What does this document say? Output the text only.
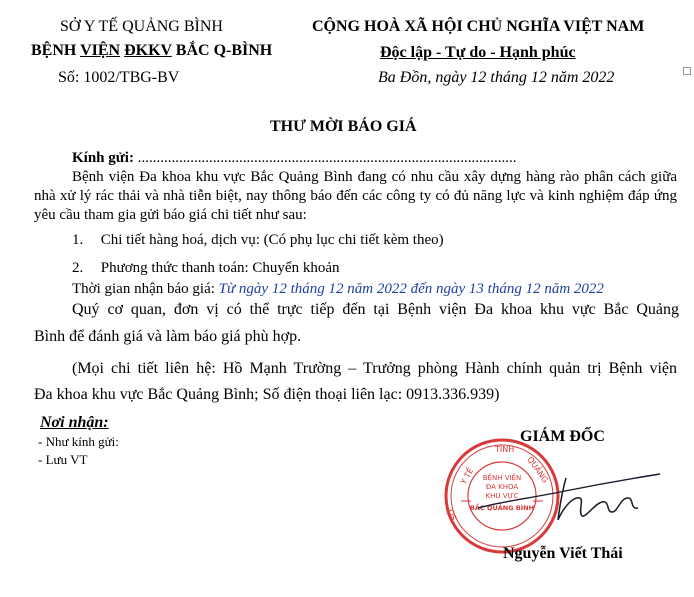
SỞ Y TẾ QUẢNG BÌNH
BỆNH VIỆN ĐKKV BẮC Q-BÌNH
Số: 1002/TBG-BV
CỘNG HOÀ XÃ HỘI CHỦ NGHĨA VIỆT NAM
Độc lập - Tự do - Hạnh phúc
Ba Đồn, ngày 12 tháng 12 năm 2022
THƯ MỜI BÁO GIÁ
Kính gửi: .....................................................................................................
Bệnh viện Đa khoa khu vực Bắc Quảng Bình đang có nhu cầu xây dựng hàng rào phân cách giữa nhà xử lý rác thải và nhà tiễn biệt, nay thông báo đến các công ty có đủ năng lực và kinh nghiệm đáp ứng yêu cầu tham gia gửi báo giá chi tiết như sau:
1. Chi tiết hàng hoá, dịch vụ: (Có phụ lục chi tiết kèm theo)
2. Phương thức thanh toán: Chuyển khoản
Thời gian nhận báo giá: Từ ngày 12 tháng 12 năm 2022 đến ngày 13 tháng 12 năm 2022
Quý cơ quan, đơn vị có thể trực tiếp đến tại Bệnh viện Đa khoa khu vực Bắc Quảng
Bình để đánh giá và làm báo giá phù hợp.
(Mọi chi tiết liên hệ: Hồ Mạnh Trường – Trưởng phòng Hành chính quản trị Bệnh viện
Đa khoa khu vực Bắc Quảng Bình; Số điện thoại liên lạc: 0913.336.939)
Nơi nhận:
- Như kính gửi:
- Lưu VT
GIÁM ĐỐC
Y TẾ
TỈNH
QUẢNG
SỞ
BỆNH VIỆN
ĐA KHOA
KHU VỰC
BẮC QUẢNG BÌNH
Nguyễn Viết Thái
